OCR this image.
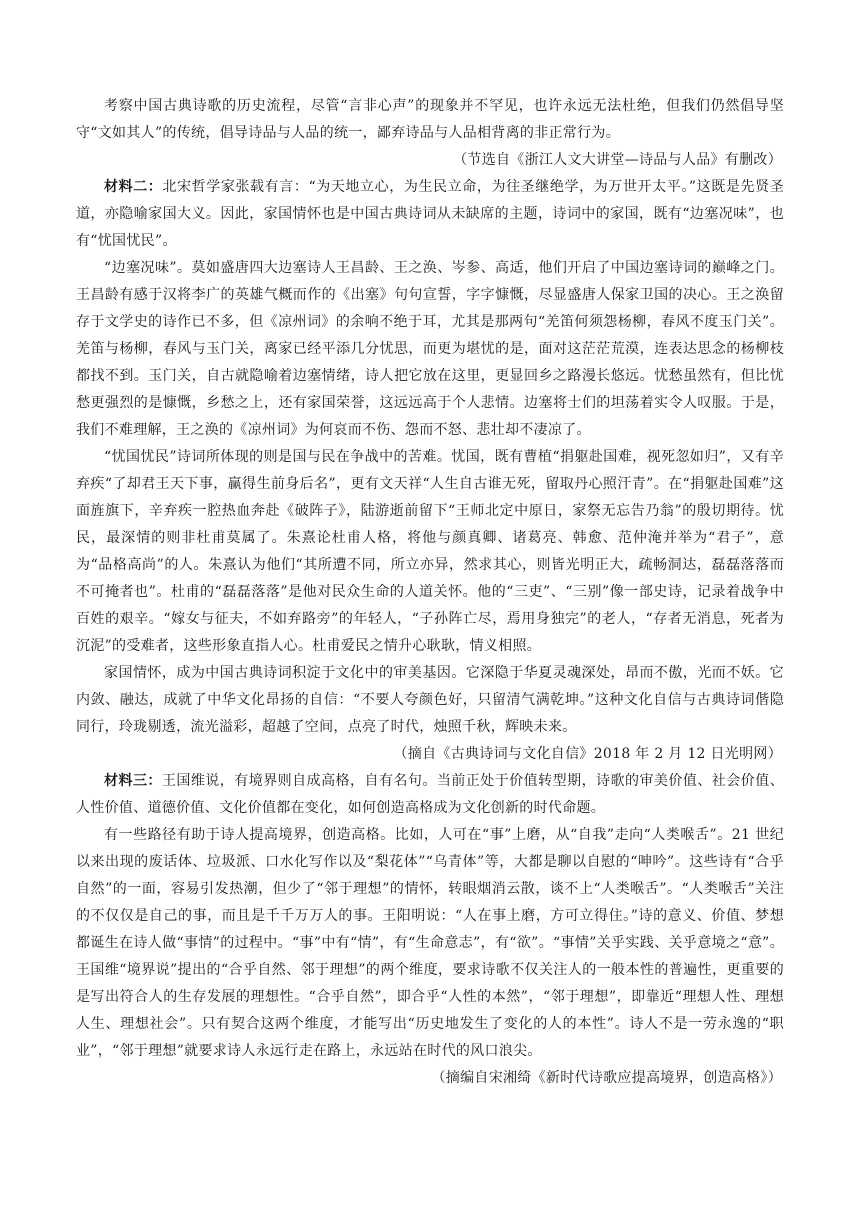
考察中国古典诗歌的历史流程，尽管“言非心声”的现象并不罕见，也许永远无法杜绝，但我们仍然倡导坚守“文如其人”的传统，倡导诗品与人品的统一，鄙弃诗品与人品相背离的非正常行为。

（节选自《浙江人文大讲堂—诗品与人品》有删改）

材料二：北宋哲学家张载有言：“为天地立心，为生民立命，为往圣继绝学，为万世开太平。”这既是先贤圣道，亦隐喻家国大义。因此，家国情怀也是中国古典诗词从未缺席的主题，诗词中的家国，既有“边塞况味”，也有“忧国忧民”。

“边塞况味”。莫如盛唐四大边塞诗人王昌龄、王之涣、岑参、高适，他们开启了中国边塞诗词的巅峰之门。王昌龄有感于汉将李广的英雄气概而作的《出塞》句句宣誓，字字慷慨，尽显盛唐人保家卫国的决心。王之涣留存于文学史的诗作已不多，但《凉州词》的余响不绝于耳，尤其是那两句“羌笛何须怨杨柳，春风不度玉门关”。羌笛与杨柳，春风与玉门关，离家已经平添几分忧思，而更为堪忧的是，面对这茫茫荒漠，连表达思念的杨柳枝都找不到。玉门关，自古就隐喻着边塞情绪，诗人把它放在这里，更显回乡之路漫长悠远。忧愁虽然有，但比忧愁更强烈的是慷慨，乡愁之上，还有家国荣誉，这远远高于个人悲情。边塞将士们的坦荡着实令人叹服。于是，我们不难理解，王之涣的《凉州词》为何哀而不伤、怨而不怒、悲壮却不凄凉了。

“忧国忧民”诗词所体现的则是国与民在争战中的苦难。忧国，既有曹植“捐躯赴国难，视死忽如归”，又有辛弃疾“了却君王天下事，赢得生前身后名”，更有文天祥“人生自古谁无死，留取丹心照汗青”。在“捐躯赴国难”这面旌旗下，辛弃疾一腔热血奔赴《破阵子》，陆游逝前留下“王师北定中原日，家祭无忘告乃翁”的殷切期待。忧民，最深情的则非杜甫莫属了。朱熹论杜甫人格，将他与颜真卿、诸葛亮、韩愈、范仲淹并举为“君子”，意为“品格高尚”的人。朱熹认为他们“其所遭不同，所立亦异，然求其心，则皆光明正大，疏畅洞达，磊磊落落而不可掩者也”。杜甫的“磊磊落落”是他对民众生命的人道关怀。他的“三吏”、“三别”像一部史诗，记录着战争中百姓的艰辛。“嫁女与征夫，不如弃路旁”的年轻人，“子孙阵亡尽，焉用身独完”的老人，“存者无消息，死者为沉泥”的受难者，这些形象直指人心。杜甫爱民之情升心耿耿，情义相照。

家国情怀，成为中国古典诗词积淀于文化中的审美基因。它深隐于华夏灵魂深处，昂而不傲，光而不妖。它内敛、融达，成就了中华文化昂扬的自信：“不要人夸颜色好，只留清气满乾坤。”这种文化自信与古典诗词偕隐同行，玲珑剔透，流光溢彩，超越了空间，点亮了时代，烛照千秋，辉映未来。

（摘自《古典诗词与文化自信》2018 年 2 月 12 日光明网）

材料三：王国维说，有境界则自成高格，自有名句。当前正处于价值转型期，诗歌的审美价值、社会价值、人性价值、道德价值、文化价值都在变化，如何创造高格成为文化创新的时代命题。

有一些路径有助于诗人提高境界，创造高格。比如，人可在“事”上磨，从“自我”走向“人类喉舌”。21 世纪以来出现的废话体、垃圾派、口水化写作以及“梨花体”“乌青体”等，大都是聊以自慰的“呻吟”。这些诗有“合乎自然”的一面，容易引发热潮，但少了“邻于理想”的情怀，转眼烟消云散，谈不上“人类喉舌”。“人类喉舌”关注的不仅仅是自己的事，而且是千千万万人的事。王阳明说：“人在事上磨，方可立得住。”诗的意义、价值、梦想都诞生在诗人做“事情”的过程中。“事”中有“情”，有“生命意志”，有“欲”。“事情”关乎实践、关乎意境之“意”。王国维“境界说”提出的“合乎自然、邻于理想”的两个维度，要求诗歌不仅关注人的一般本性的普遍性，更重要的是写出符合人的生存发展的理想性。“合乎自然”，即合乎“人性的本然”，“邻于理想”，即靠近“理想人性、理想人生、理想社会”。只有契合这两个维度，才能写出“历史地发生了变化的人的本性”。诗人不是一劳永逸的“职业”，“邻于理想”就要求诗人永远行走在路上，永远站在时代的风口浪尖。

（摘编自宋湘绮《新时代诗歌应提高境界，创造高格》）
